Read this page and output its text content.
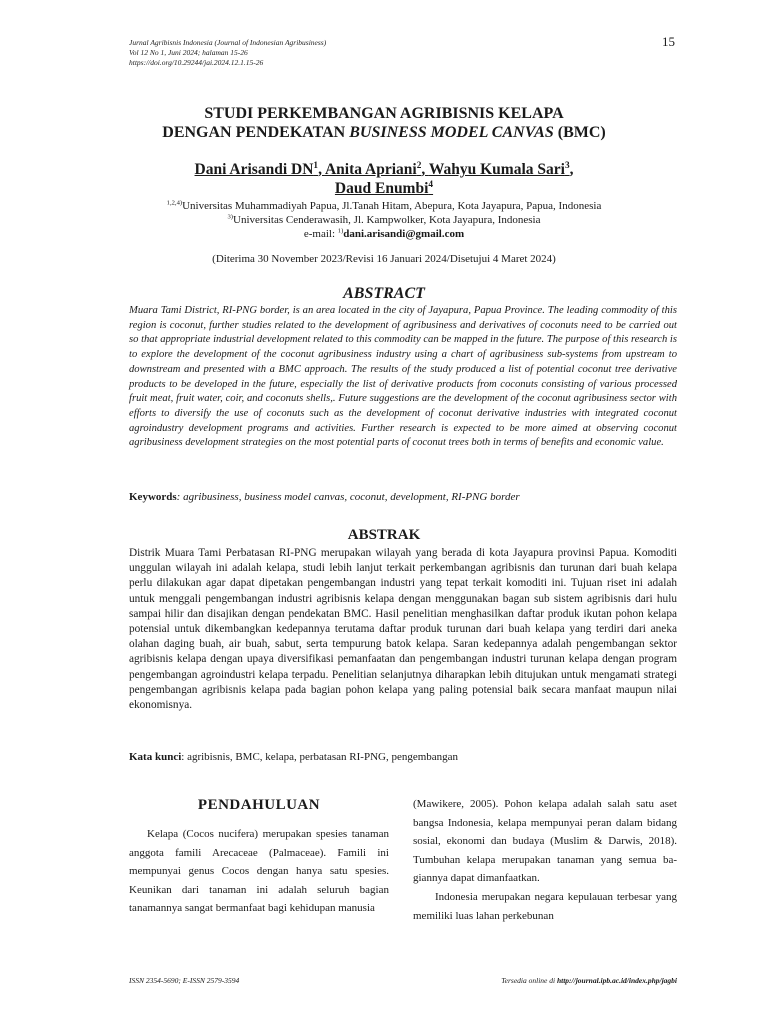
Jurnal Agribisnis Indonesia (Journal of Indonesian Agribusiness)
Vol 12 No 1, Juni 2024; halaman 15-26
https://doi.org/10.29244/jai.2024.12.1.15-26
15
STUDI PERKEMBANGAN AGRIBISNIS KELAPA
DENGAN PENDEKATAN BUSINESS MODEL CANVAS (BMC)
Dani Arisandi $DN^1$, Anita Apriani$^2$, Wahyu Kumala Sari$^3$,
Daud Enumbi$^4$
$^{1,2,4)}$Universitas Muhammadiyah Papua, Jl.Tanah Hitam, Abepura, Kota Jayapura, Papua, Indonesia
$^{3)}$Universitas Cenderawasih, Jl. Kampwolker, Kota Jayapura, Indonesia
e-mail: $^{1)}$dani.arisandi@gmail.com
(Diterima 30 November 2023/Revisi 16 Januari 2024/Disetujui 4 Maret 2024)
ABSTRACT
Muara Tami District, RI-PNG border, is an area located in the city of Jayapura, Papua Province. The leading commodity of this region is coconut, further studies related to the development of agribusiness and derivatives of coconuts need to be carried out so that appropriate industrial development related to this commodity can be mapped in the future. The purpose of this research is to explore the development of the coconut agribusiness industry using a chart of agribusiness sub-systems from upstream to downstream and presented with a BMC approach. The results of the study produced a list of potential coconut tree derivative products to be developed in the future, especially the list of derivative products from coconuts consisting of various processed fruit meat, fruit water, coir, and coconuts shells,. Future suggestions are the development of the coconut agribusiness sector with efforts to diversify the use of coconuts such as the development of coconut derivative industries with integrated coconut agroindustry development programs and activities. Further research is expected to be more aimed at observing coconut agribusiness development strategies on the most potential parts of coconut trees both in terms of benefits and economic value.
Keywords: agribusiness, business model canvas, coconut, development, RI-PNG border
ABSTRAK
Distrik Muara Tami Perbatasan RI-PNG merupakan wilayah yang berada di kota Jayapura provinsi Papua. Komoditi unggulan wilayah ini adalah kelapa, studi lebih lanjut terkait perkembangan agribisnis dan turunan dari buah kelapa perlu dilakukan agar dapat dipetakan pengembangan industri yang tepat terkait komoditi ini. Tujuan riset ini adalah untuk menggali pengembangan industri agribisnis kelapa dengan menggunakan bagan sub sistem agribisnis dari hulu sampai hilir dan disajikan dengan pendekatan BMC. Hasil penelitian menghasilkan daftar produk ikutan pohon kelapa potensial untuk dikembangkan kedepannya terutama daftar produk turunan dari buah kelapa yang terdiri dari aneka olahan daging buah, air buah, sabut, serta tempurung batok kelapa. Saran kedepannya adalah pengembangan sektor agribisnis kelapa dengan upaya diversifikasi pemanfaatan dan pengembangan industri turunan kelapa dengan program pengembangan agroindustri kelapa terpadu. Penelitian selanjutnya diharapkan lebih ditujukan untuk mengamati strategi pengembangan agribisnis kelapa pada bagian pohon kelapa yang paling potensial baik secara manfaat maupun nilai ekonomisnya.
Kata kunci: agribisnis, BMC, kelapa, perbatasan RI-PNG, pengembangan
PENDAHULUAN
Kelapa (Cocos nucifera) merupakan spesies tanaman anggota famili Arecaceae (Palmaceae). Famili ini mempunyai genus Cocos dengan hanya satu spesies. Keunikan dari tanaman ini adalah seluruh bagian tanamannya sangat bermanfaat bagi kehidupan manusia
(Mawikere, 2005). Pohon kelapa adalah salah satu aset bangsa Indonesia, kelapa mempunyai peran dalam bidang sosial, ekonomi dan budaya (Muslim & Darwis, 2018). Tumbuhan kelapa merupakan tanaman yang semua bagiannya dapat dimanfaatkan.
Indonesia merupakan negara kepulauan terbesar yang memiliki luas lahan perkebunan
ISSN 2354-5690; E-ISSN 2579-3594	Tersedia online di http://journal.ipb.ac.id/index.php/jagbi
